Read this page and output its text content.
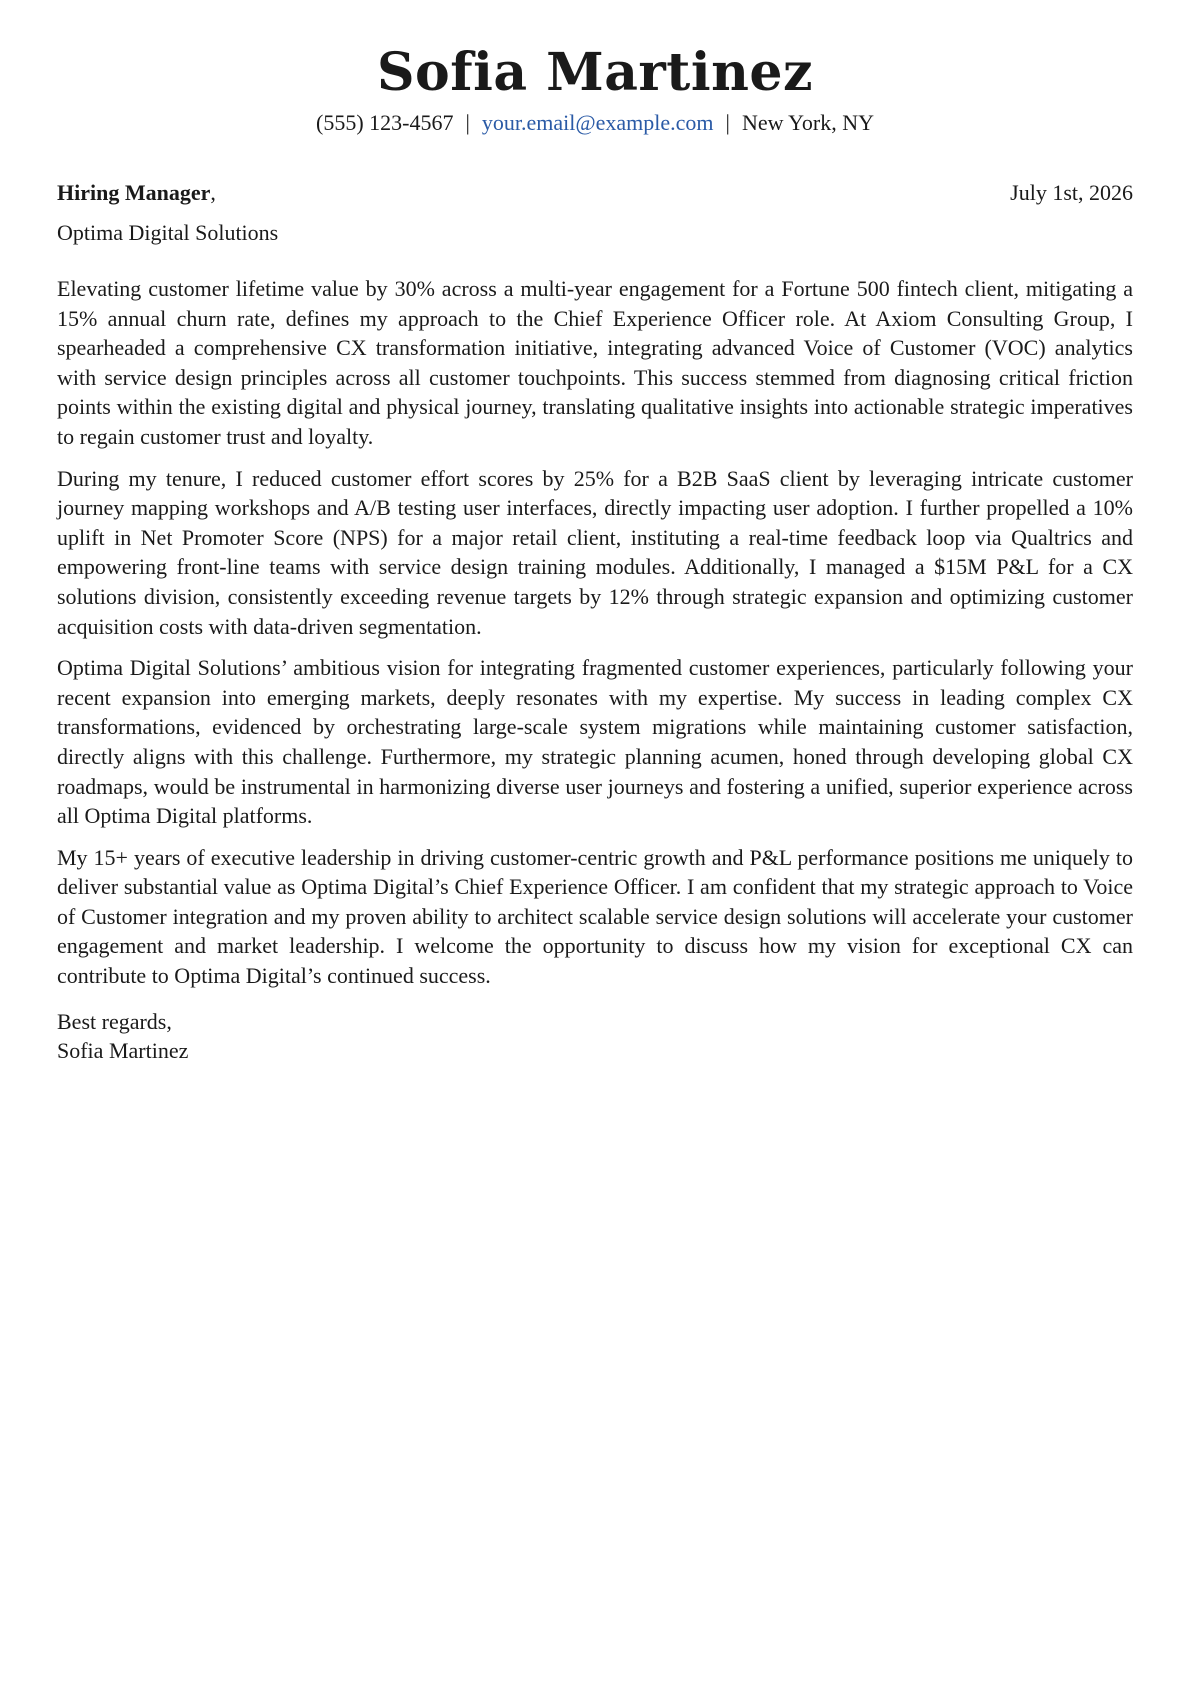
Sofia Martinez
(555) 123-4567 | your.email@example.com | New York, NY
Hiring Manager,	July 1st, 2026
Optima Digital Solutions

Elevating customer lifetime value by 30% across a multi-year engagement for a Fortune 500 fintech client, mitigating a 15% annual churn rate, defines my approach to the Chief Experience Officer role. At Axiom Consulting Group, I spearheaded a comprehensive CX transformation initiative, integrating advanced Voice of Customer (VOC) analytics with service design principles across all customer touchpoints. This success stemmed from diagnosing critical friction points within the existing digital and physical journey, translating qualitative insights into actionable strategic imperatives to regain customer trust and loyalty.

During my tenure, I reduced customer effort scores by 25% for a B2B SaaS client by leveraging intricate customer journey mapping workshops and A/B testing user interfaces, directly impacting user adoption. I further propelled a 10% uplift in Net Promoter Score (NPS) for a major retail client, instituting a real-time feedback loop via Qualtrics and empowering front-line teams with service design training modules. Additionally, I managed a $15M P&L for a CX solutions division, consistently exceeding revenue targets by 12% through strategic expansion and optimizing customer acquisition costs with data-driven segmentation.

Optima Digital Solutions’ ambitious vision for integrating fragmented customer experiences, particularly following your recent expansion into emerging markets, deeply resonates with my expertise. My success in leading complex CX transformations, evidenced by orchestrating large-scale system migrations while maintaining customer satisfaction, directly aligns with this challenge. Furthermore, my strategic planning acumen, honed through developing global CX roadmaps, would be instrumental in harmonizing diverse user journeys and fostering a unified, superior experience across all Optima Digital platforms.

My 15+ years of executive leadership in driving customer-centric growth and P&L performance positions me uniquely to deliver substantial value as Optima Digital’s Chief Experience Officer. I am confident that my strategic approach to Voice of Customer integration and my proven ability to architect scalable service design solutions will accelerate your customer engagement and market leadership. I welcome the opportunity to discuss how my vision for exceptional CX can contribute to Optima Digital’s continued success.

Best regards,
Sofia Martinez
